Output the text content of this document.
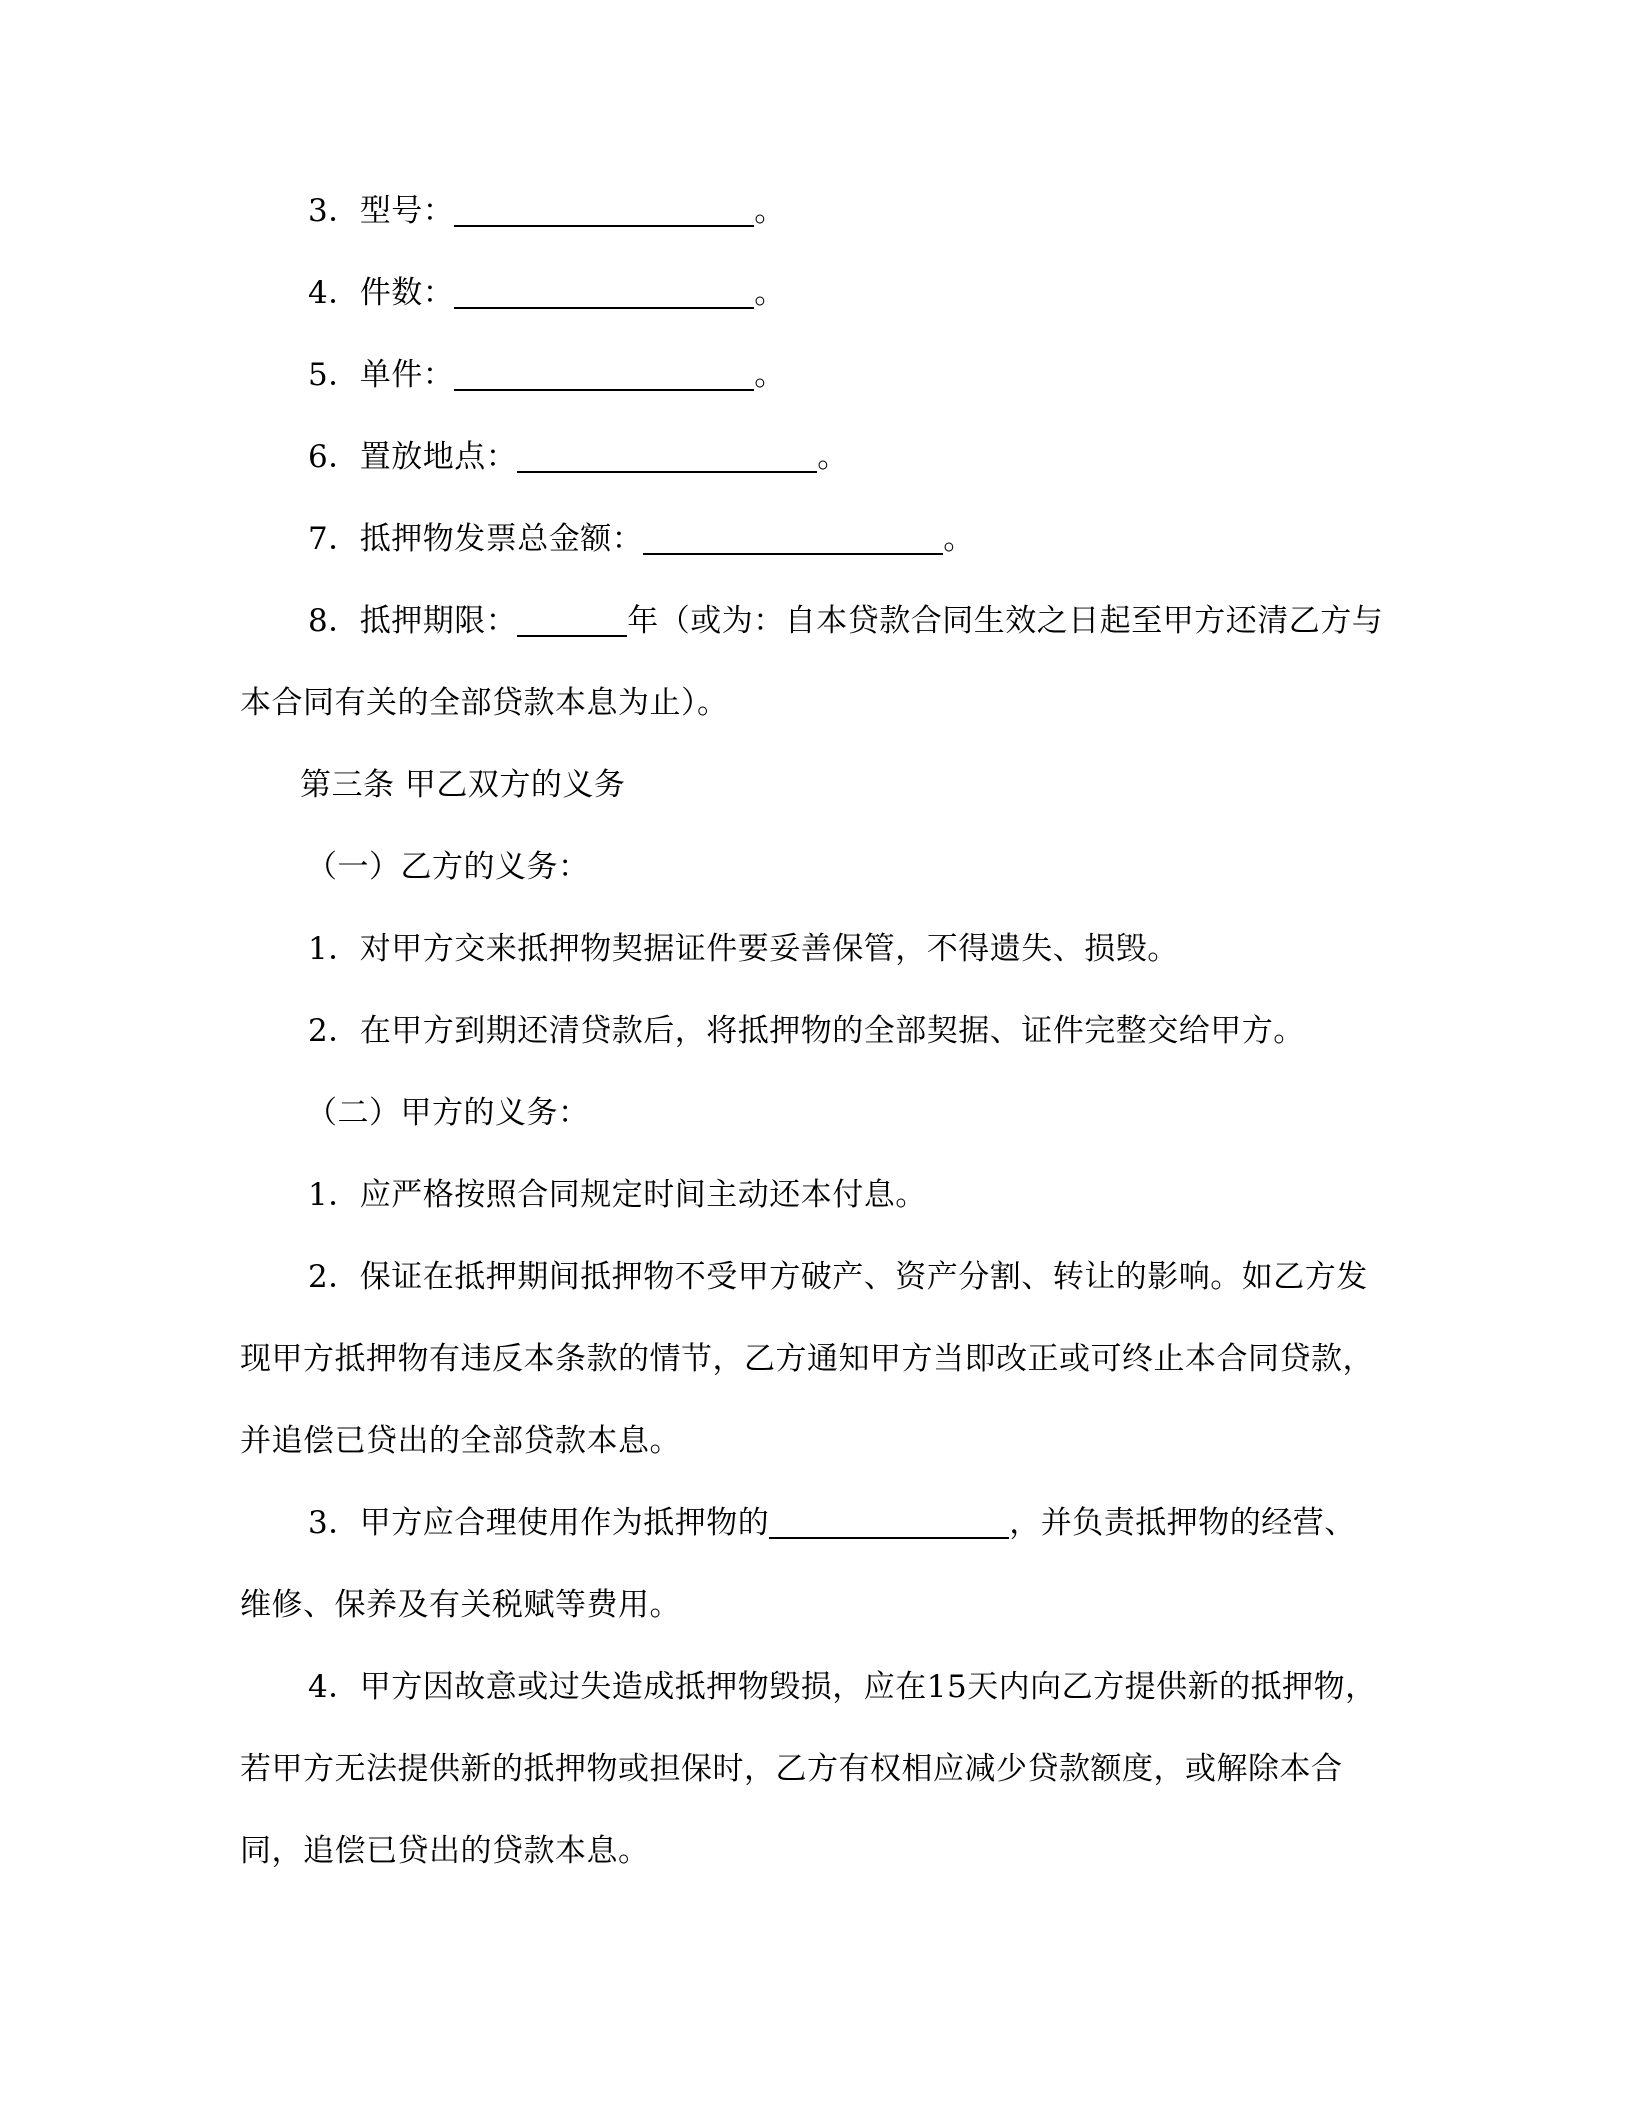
3．型号：	。
4．件数：	。
5．单件：	。
6．置放地点：	。
7．抵押物发票总金额：	。
8．抵押期限：	年（或为：自本贷款合同生效之日起至甲方还清乙方与
本合同有关的全部贷款本息为止）。
第三条 甲乙双方的义务
（一）乙方的义务：
1．对甲方交来抵押物契据证件要妥善保管，不得遗失、损毁。
2．在甲方到期还清贷款后，将抵押物的全部契据、证件完整交给甲方。
（二）甲方的义务：
1．应严格按照合同规定时间主动还本付息。
2．保证在抵押期间抵押物不受甲方破产、资产分割、转让的影响。如乙方发现甲方抵押物有违反本条款的情节，乙方通知甲方当即改正或可终止本合同贷款，并追偿已贷出的全部贷款本息。
3．甲方应合理使用作为抵押物的	，并负责抵押物的经营、维修、保养及有关税赋等费用。
4．甲方因故意或过失造成抵押物毁损，应在15天内向乙方提供新的抵押物，若甲方无法提供新的抵押物或担保时，乙方有权相应减少贷款额度，或解除本合同，追偿已贷出的贷款本息。
